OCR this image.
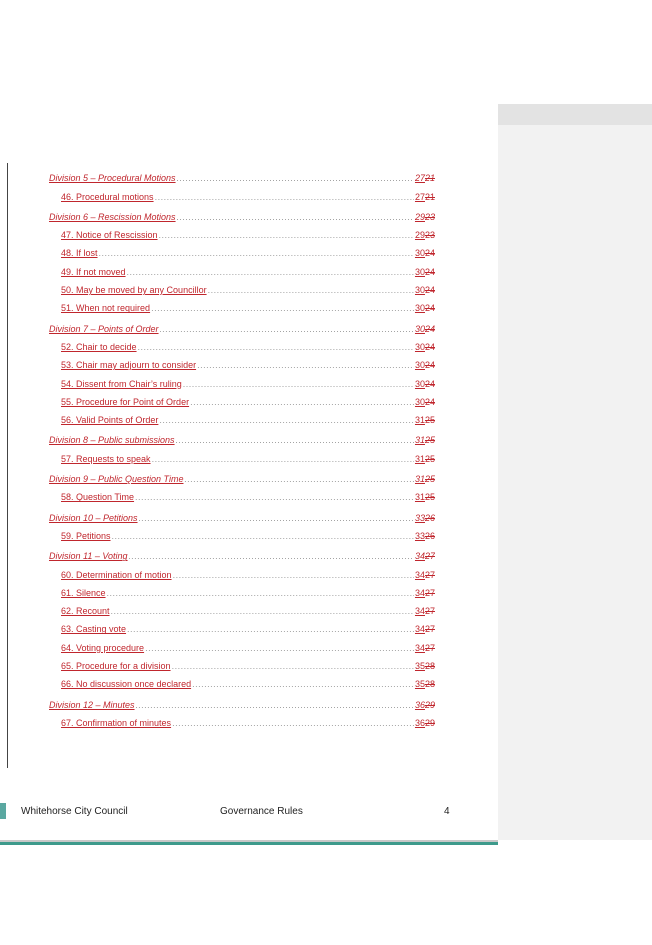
Division 5 – Procedural Motions .....	27 21
46. Procedural motions .....	27 21
Division 6 – Rescission Motions .....	29 23
47. Notice of Rescission .....	29 23
48. If lost .....	30 24
49. If not moved .....	30 24
50. May be moved by any Councillor .....	30 24
51. When not required .....	30 24
Division 7 – Points of Order .....	30 24
52. Chair to decide .....	30 24
53. Chair may adjourn to consider .....	30 24
54. Dissent from Chair’s ruling .....	30 24
55. Procedure for Point of Order .....	30 24
56. Valid Points of Order .....	31 25
Division 8 – Public submissions .....	31 25
57. Requests to speak .....	31 25
Division 9 – Public Question Time .....	31 25
58. Question Time .....	31 25
Division 10 – Petitions .....	33 26
59. Petitions .....	33 26
Division 11 – Voting .....	34 27
60. Determination of motion .....	34 27
61. Silence .....	34 27
62. Recount .....	34 27
63. Casting vote .....	34 27
64. Voting procedure .....	34 27
65. Procedure for a division .....	35 28
66. No discussion once declared .....	35 28
Division 12 – Minutes .....	36 29
67. Confirmation of minutes .....	36 29
Whitehorse City Council	Governance Rules	4
